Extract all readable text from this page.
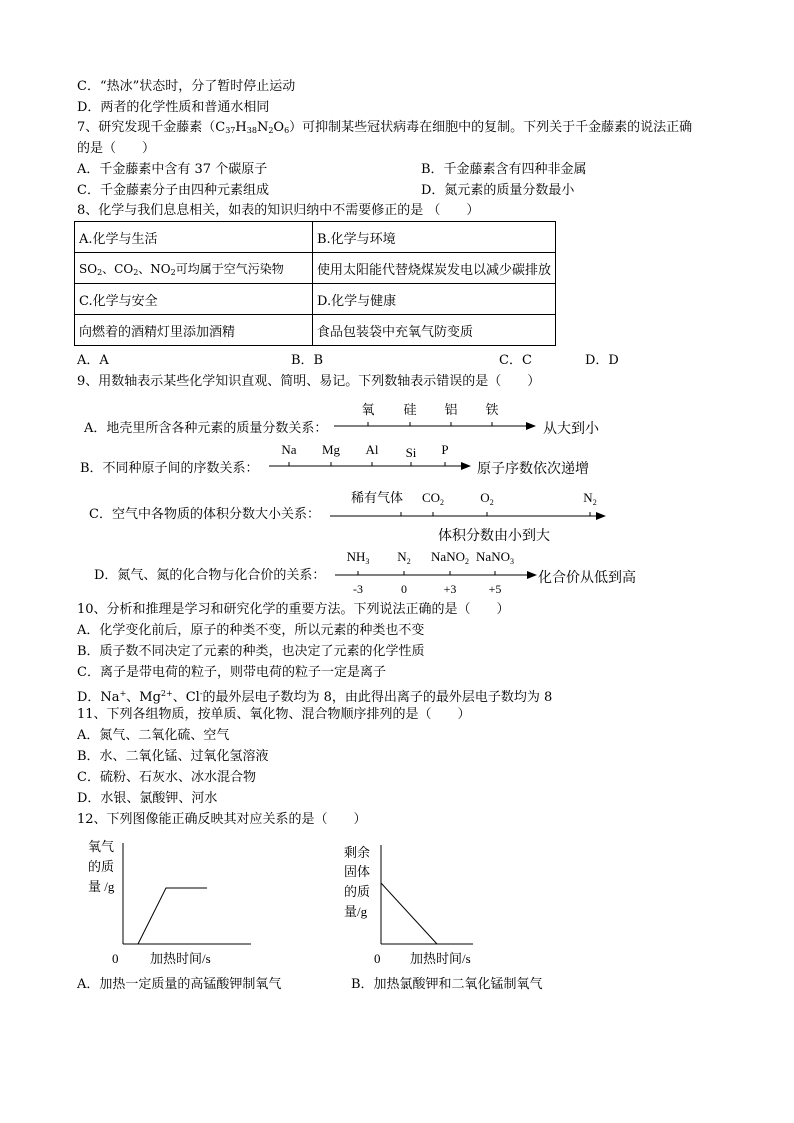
C．“热冰”状态时，分了暂时停止运动
D．两者的化学性质和普通水相同
7、研究发现千金藤素$(C_{37}H_{38}N_2O_6)$可抑制某些冠状病毒在细胞中的复制。下列关于千金藤素的说法正确
的是（　　）
A．千金藤素中含有 37 个碳原子	B．千金藤素含有四种非金属
C．千金藤素分子由四种元素组成	D．氮元素的质量分数最小
8、化学与我们息息相关，如表的知识归纳中不需要修正的是 （　　）
A.化学与生活	B.化学与环境
$SO_2$、$CO_2$、$NO_2$可均属于空气污染物	使用太阳能代替烧煤炭发电以减少碳排放
C.化学与安全	D.化学与健康
向燃着的酒精灯里添加酒精	食品包装袋中充氧气防变质
A．A	B．B	C．C	D．D
9、用数轴表示某些化学知识直观、简明、易记。下列数轴表示错误的是（　　）
A．地壳里所含各种元素的质量分数关系：
氧 硅 铝 铁
从大到小
B．不同种原子间的序数关系：
Na Mg Al Si P
原子序数依次递增
C．空气中各物质的体积分数大小关系：
稀有气体 $CO_2$	$O_2$	$N_2$
体积分数由小到大
D．氮气、氮的化合物与化合价的关系：
$NH_3$ $N_2$ NaNO$_2$ NaNO$_3$
-3	0	+3	+5
化合价从低到高
10、分析和推理是学习和研究化学的重要方法。下列说法正确的是（　　）
A．化学变化前后，原子的种类不变，所以元素的种类也不变
B．质子数不同决定了元素的种类，也决定了元素的化学性质
C．离子是带电荷的粒子，则带电荷的粒子一定是离子
D．Na+、$Mg^{2+}$、Cl-的最外层电子数均为 8，由此得出离子的最外层电子数均为 8
11、下列各组物质，按单质、氧化物、混合物顺序排列的是（　　）
A．氮气、二氧化硫、空气
B．水、二氧化锰、过氧化氢溶液
C．硫粉、石灰水、冰水混合物
D．水银、氯酸钾、河水
12、下列图像能正确反映其对应关系的是（　　）
氧气
的质
量 /g
0 加热时间/s
A．加热一定质量的高锰酸钾制氧气
剩余
固体
的质
量/g
0 加热时间/s
B．加热氯酸钾和二氧化锰制氧气
